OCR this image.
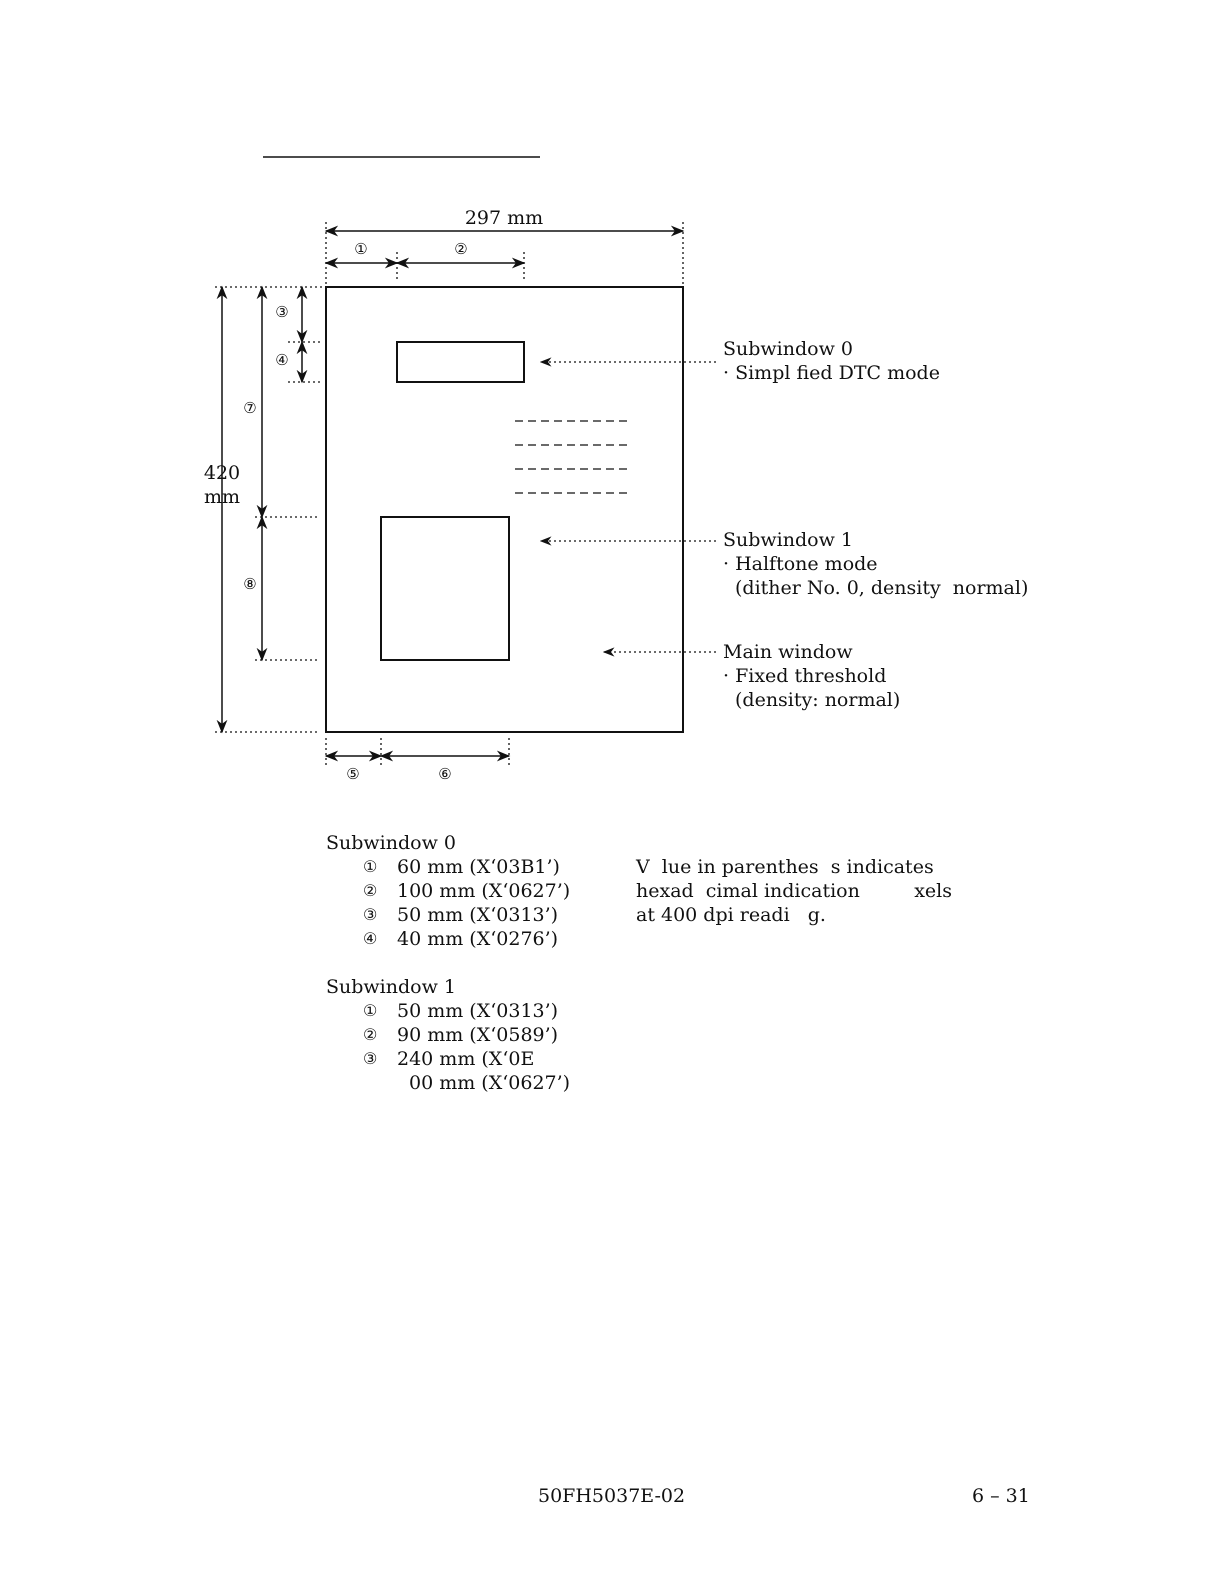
297 mm
420
mm
①	②
③
④
⑦
⑧
⑤	⑥
Subwindow 0
· Simpl fied DTC mode
Subwindow 1
· Halftone mode
(dither No. 0, density  normal)
Main window
· Fixed threshold
(density: normal)
Subwindow 0
① 60 mm (X‘03B1’)
② 100 mm (X‘0627’)
③ 50 mm (X‘0313’)
④ 40 mm (X‘0276’)
V  lue in parenthes  s indicates
hexad  cimal indication         xels
at 400 dpi readi   g.
Subwindow 1
① 50 mm (X‘0313’)
② 90 mm (X‘0589’)
③ 240 mm (X‘0E
00 mm (X‘0627’)
50FH5037E-02	6 – 31
